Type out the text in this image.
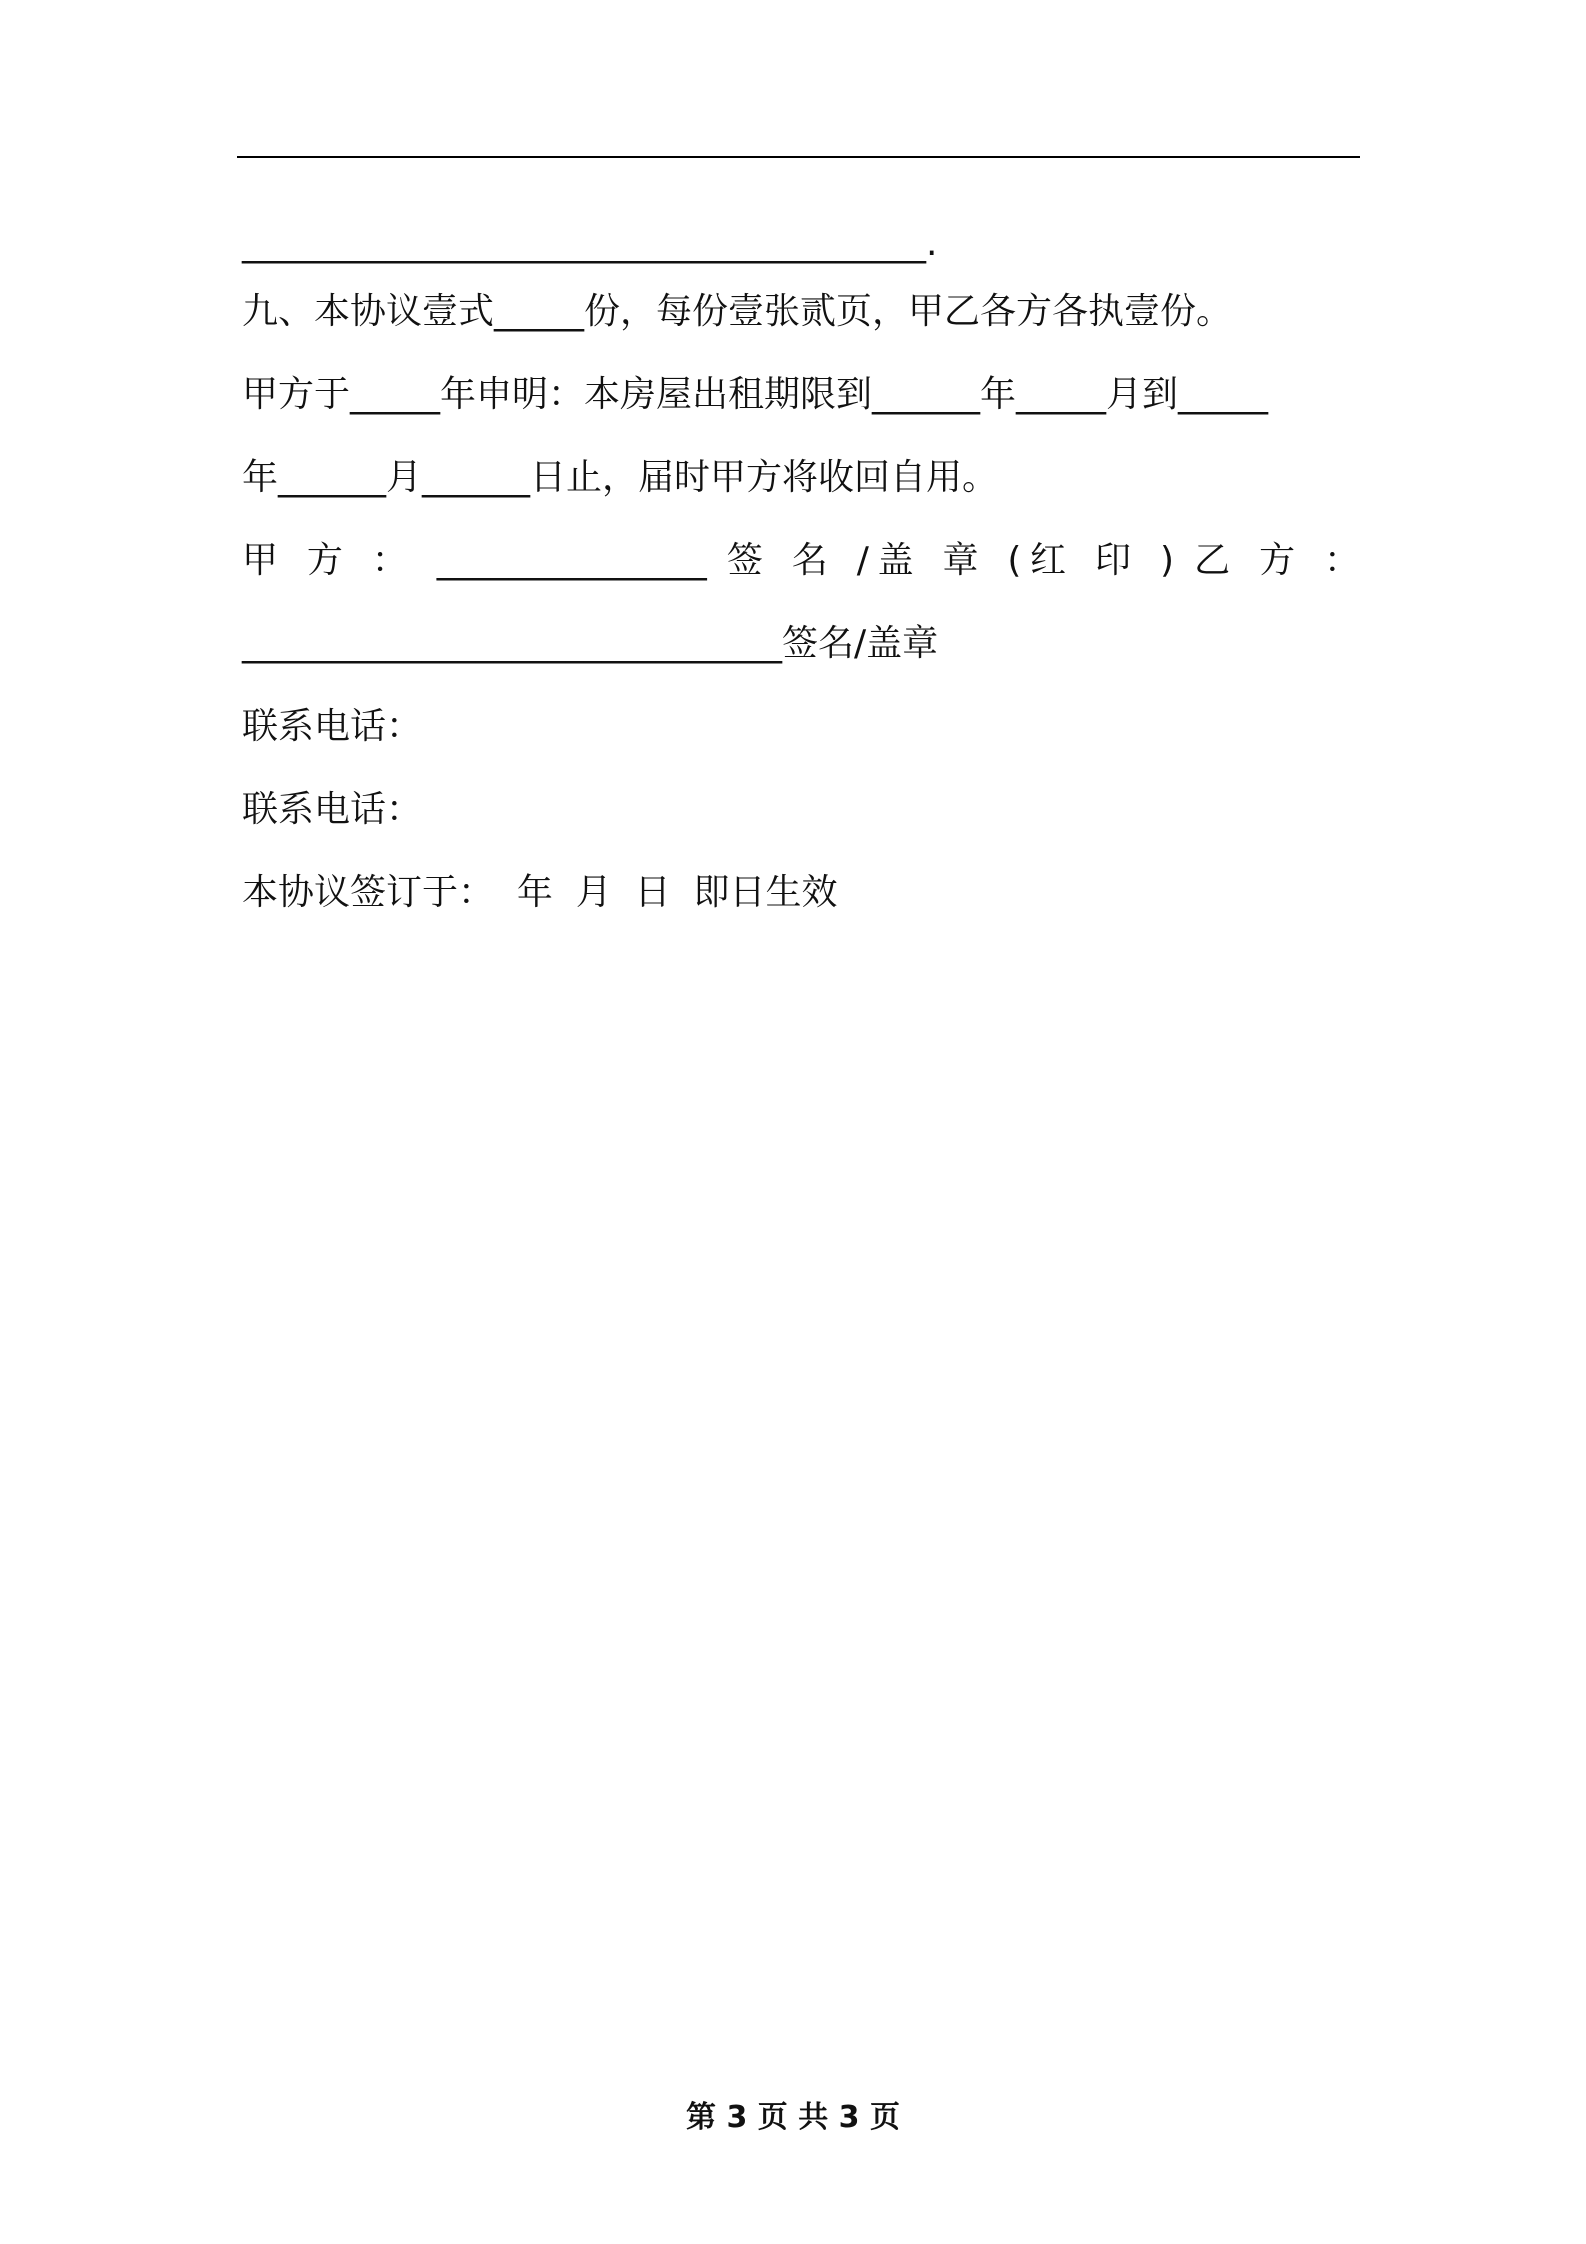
______________________________________.
九、本协议壹式_____份，每份壹张贰页，甲乙各方各执壹份。
甲方于_____年申明：本房屋出租期限到______年_____月到_____
年______月______日止，届时甲方将收回自用。
甲 方 ： _______________ 签 名 /盖 章 (红 印 ) 乙 方 ：
______________________________签名/盖章
联系电话：
联系电话：
本协议签订于：  年  月  日  即日生效
第 3 页 共 3 页
